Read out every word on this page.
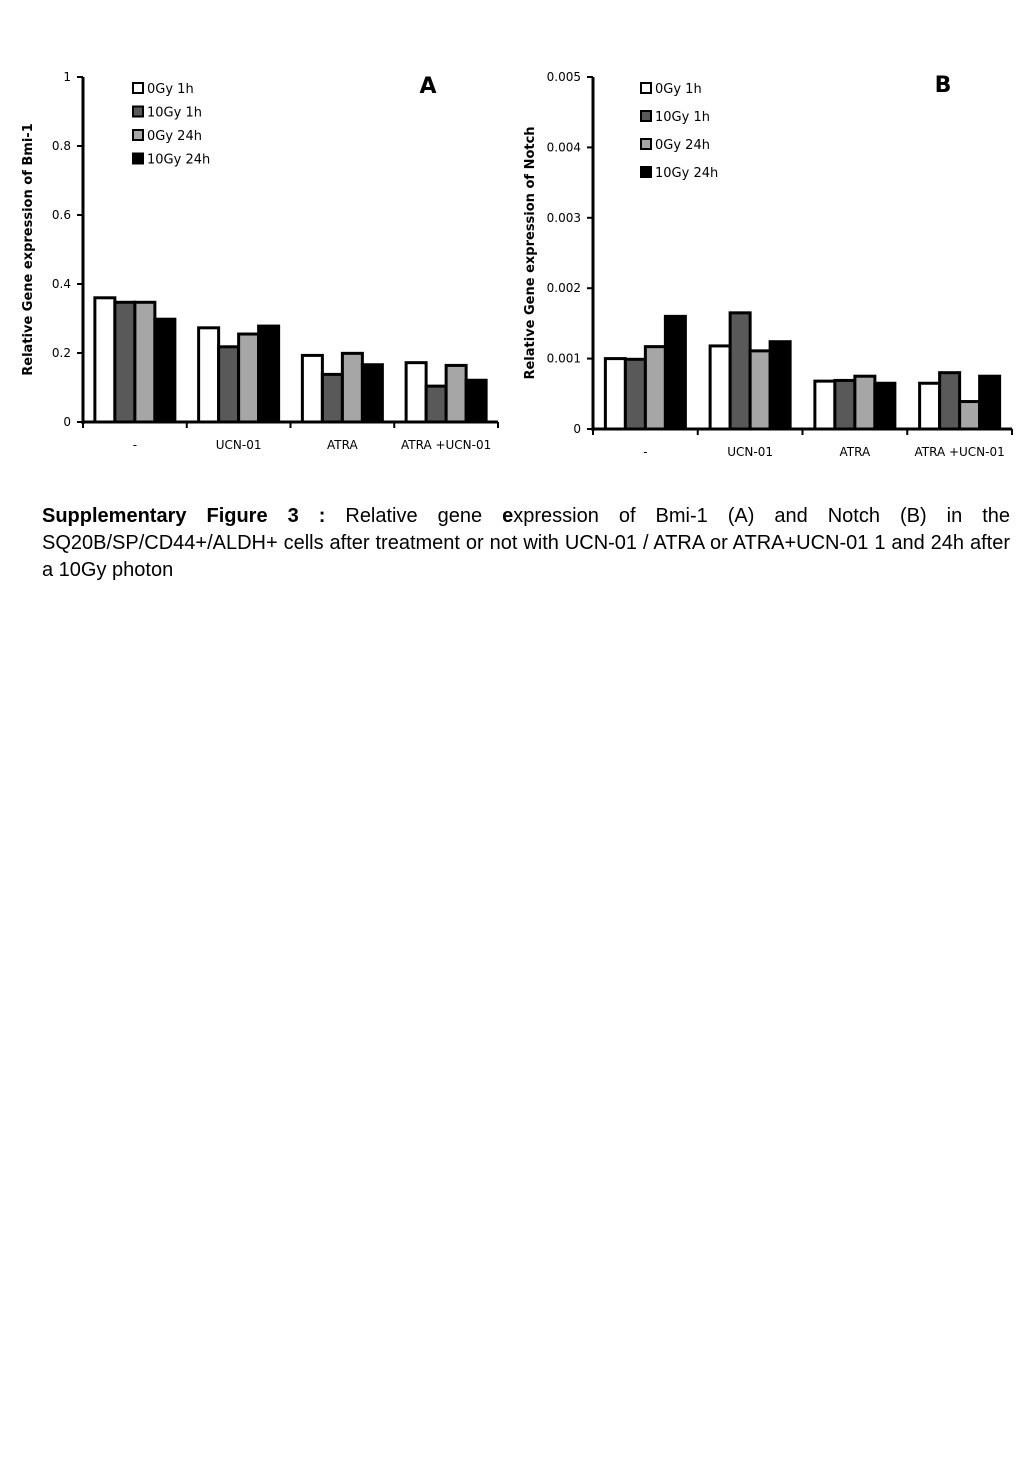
Relative Gene expression of Bmi-1
0
0.2
0.4
0.6
0.8
1
-	UCN-01	ATRA	ATRA +UCN-01
0Gy 1h
10Gy 1h
0Gy 24h
10Gy 24h
A
Relative Gene expression of Notch
0
0.001
0.002
0.003
0.004
0.005
-	UCN-01	ATRA	ATRA +UCN-01
0Gy 1h
10Gy 1h
0Gy 24h
10Gy 24h
B
Supplementary Figure 3 : Relative gene expression of Bmi-1 (A) and Notch (B) in the SQ20B/SP/CD44+/ALDH+ cells after treatment or not with UCN-01 / ATRA or ATRA+UCN-01 1 and 24h after a 10Gy photon
